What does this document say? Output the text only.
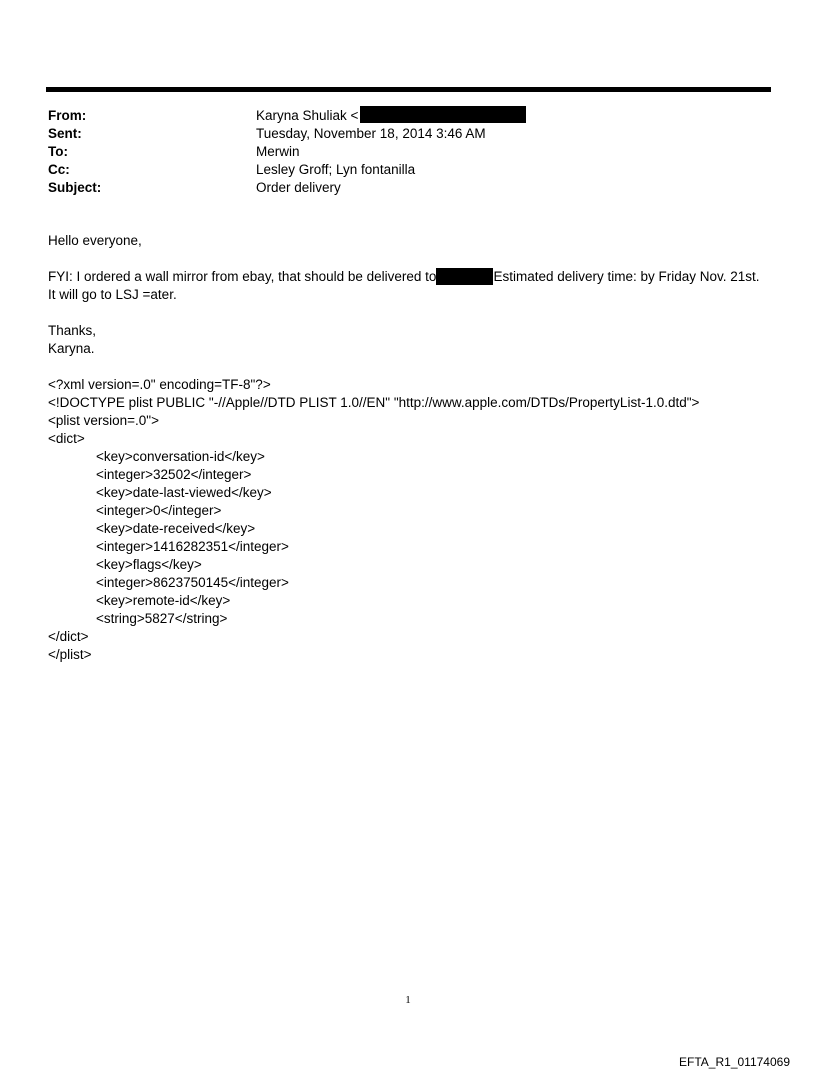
From:	Karyna Shuliak <
Sent:	Tuesday, November 18, 2014 3:46 AM
To:	Merwin
Cc:	Lesley Groff; Lyn fontanilla
Subject:	Order delivery

Hello everyone,

FYI: I ordered a wall mirror from ebay, that should be delivered to	Estimated delivery time: by Friday Nov. 21st.

It will go to LSJ =ater.

Thanks,

Karyna.

<?xml version=.0" encoding=TF-8"?>

<!DOCTYPE plist PUBLIC "-//Apple//DTD PLIST 1.0//EN" "http://www.apple.com/DTDs/PropertyList-1.0.dtd">

<plist version=.0">

<dict>

<key>conversation-id</key>

<integer>32502</integer>

<key>date-last-viewed</key>

<integer>0</integer>

<key>date-received</key>

<integer>1416282351</integer>

<key>flags</key>

<integer>8623750145</integer>

<key>remote-id</key>

<string>5827</string>

</dict>

</plist>

1
EFTA_R1_01174069
